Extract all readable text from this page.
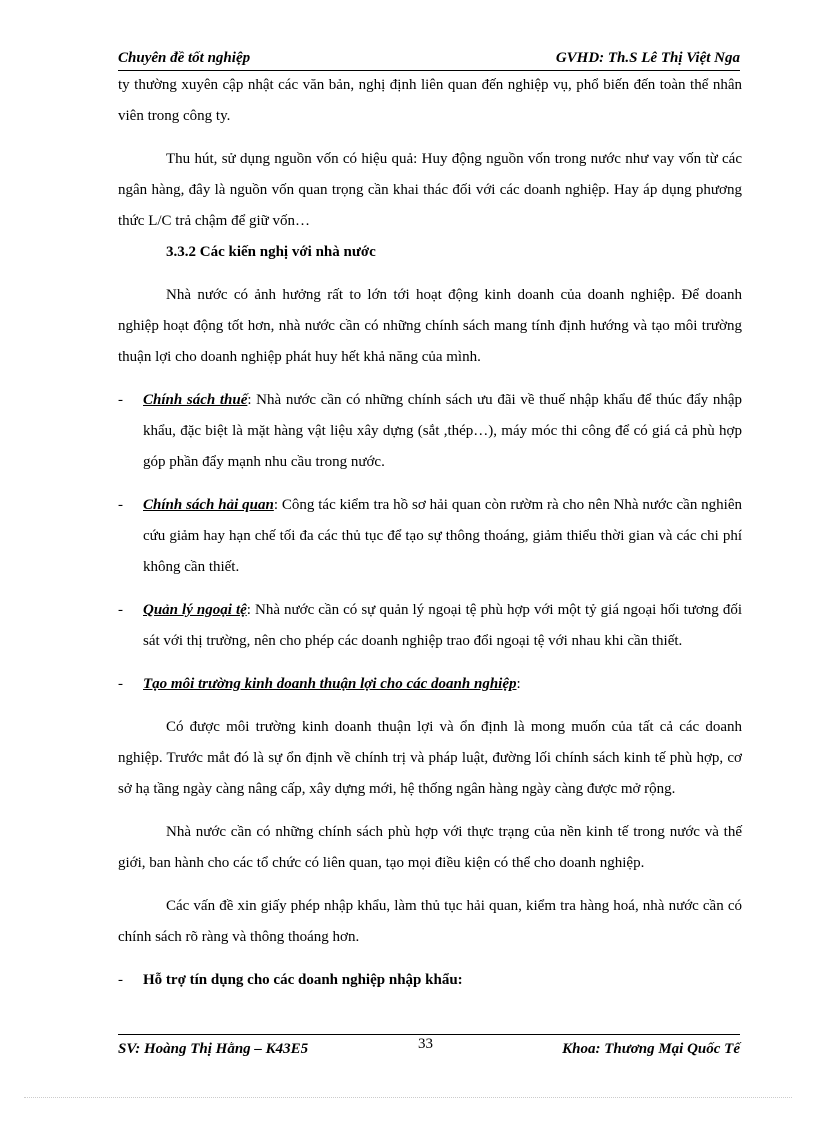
Chuyên đề tốt nghiệp	GVHD: Th.S Lê Thị Việt Nga

ty thường xuyên cập nhật các văn bản, nghị định liên quan đến nghiệp vụ, phổ biến đến toàn thể nhân viên trong công ty.

Thu hút, sử dụng nguồn vốn có hiệu quả: Huy động nguồn vốn trong nước như vay vốn từ các ngân hàng, đây là nguồn vốn quan trọng cần khai thác đối với các doanh nghiệp. Hay áp dụng phương thức L/C trả chậm để giữ vốn…

3.3.2 Các kiến nghị với nhà nước

Nhà nước có ảnh hưởng rất to lớn tới hoạt động kinh doanh của doanh nghiệp. Để doanh nghiệp hoạt động tốt hơn, nhà nước cần có những chính sách mang tính định hướng và tạo môi trường thuận lợi cho doanh nghiệp phát huy hết khả năng của mình.

- Chính sách thuế: Nhà nước cần có những chính sách ưu đãi về thuế nhập khẩu để thúc đẩy nhập khẩu, đặc biệt là mặt hàng vật liệu xây dựng (sắt ,thép…), máy móc thi công để có giá cả phù hợp góp phần đẩy mạnh nhu cầu trong nước.

- Chính sách hải quan: Công tác kiểm tra hồ sơ hải quan còn rườm rà cho nên Nhà nước cần nghiên cứu giảm hay hạn chế tối đa các thủ tục để tạo sự thông thoáng, giảm thiểu thời gian và các chi phí không cần thiết.

- Quản lý ngoại tệ: Nhà nước cần có sự quản lý ngoại tệ phù hợp với một tỷ giá ngoại hối tương đối sát với thị trường, nên cho phép các doanh nghiệp trao đổi ngoại tệ với nhau khi cần thiết.

- Tạo môi trường kinh doanh thuận lợi cho các doanh nghiệp:

Có được môi trường kinh doanh thuận lợi và ổn định là mong muốn của tất cả các doanh nghiệp. Trước mắt đó là sự ổn định về chính trị và pháp luật, đường lối chính sách kinh tế phù hợp, cơ sở hạ tầng ngày càng nâng cấp, xây dựng mới, hệ thống ngân hàng ngày càng được mở rộng.

Nhà nước cần có những chính sách phù hợp với thực trạng của nền kinh tế trong nước và thế giới, ban hành cho các tổ chức có liên quan, tạo mọi điều kiện có thể cho doanh nghiệp.

Các vấn đề xin giấy phép nhập khẩu, làm thủ tục hải quan, kiểm tra hàng hoá, nhà nước cần có chính sách rõ ràng và thông thoáng hơn.

- Hỗ trợ tín dụng cho các doanh nghiệp nhập khẩu:

SV: Hoàng Thị Hằng – K43E5	33	Khoa: Thương Mại Quốc Tế
